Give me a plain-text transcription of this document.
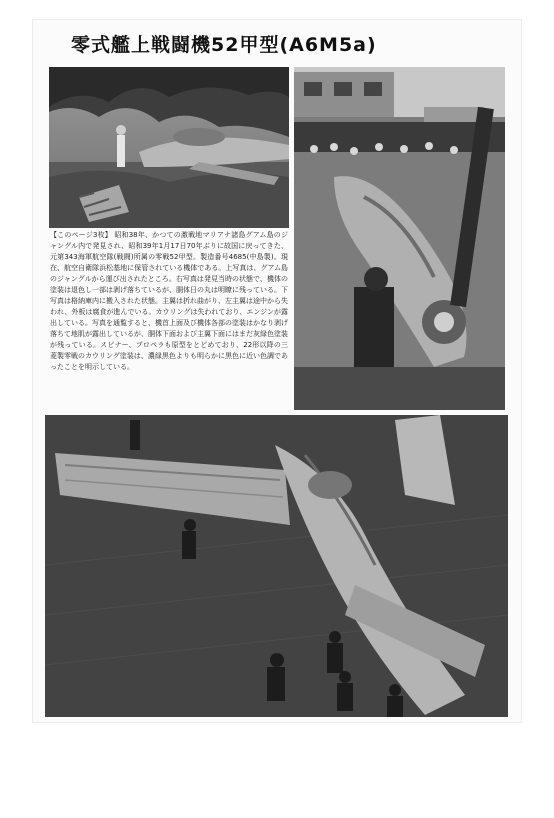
零式艦上戦闘機52甲型(A6M5a)
【このページ3枚】 昭和38年、かつての激戦地マリアナ諸島グアム島のジャングル内で発見され、昭和39年1月17日70年ぶりに故国に戻ってきた、元第343海軍航空隊(戦闘)所属の零戦52甲型。製造番号4685(中島製)。現在、航空自衛隊浜松基地に保管されている機体である。上写真は、グアム島のジャングルから運び出されたところ。右写真は発見当時の状態で、機体の塗装は退色し一部は剥げ落ちているが、胴体日の丸は明瞭に残っている。下写真は格納庫内に搬入された状態。主翼は折れ曲がり、左主翼は途中から失われ、外板は腐食が進んでいる。カウリングは失われており、エンジンが露出している。写真を通覧すると、機首上面及び機体各部の塗装はかなり剥げ落ちて地肌が露出しているが、胴体下面および主翼下面にはまだ灰緑色塗装が残っている。スピナー、プロペラも原型をとどめており、22形以降の三菱製零戦のカウリング塗装は、濃緑黒色よりも明らかに黒色に近い色調であったことを明示している。
